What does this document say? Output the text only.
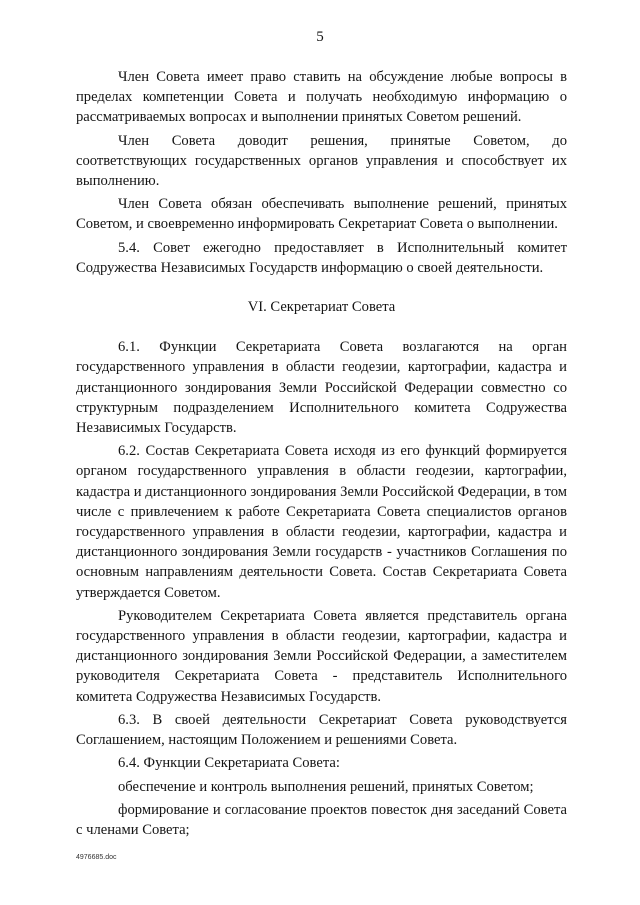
5

Член Совета имеет право ставить на обсуждение любые вопросы в пределах компетенции Совета и получать необходимую информацию о рассматриваемых вопросах и выполнении принятых Советом решений.

Член Совета доводит решения, принятые Советом, до соответствующих государственных органов управления и способствует их выполнению.

Член Совета обязан обеспечивать выполнение решений, принятых Советом, и своевременно информировать Секретариат Совета о выполнении.

5.4. Совет ежегодно предоставляет в Исполнительный комитет Содружества Независимых Государств информацию о своей деятельности.

VI. Секретариат Совета

6.1. Функции Секретариата Совета возлагаются на орган государственного управления в области геодезии, картографии, кадастра и дистанционного зондирования Земли Российской Федерации совместно со структурным подразделением Исполнительного комитета Содружества Независимых Государств.

6.2. Состав Секретариата Совета исходя из его функций формируется органом государственного управления в области геодезии, картографии, кадастра и дистанционного зондирования Земли Российской Федерации, в том числе с привлечением к работе Секретариата Совета специалистов органов государственного управления в области геодезии, картографии, кадастра и дистанционного зондирования Земли государств - участников Соглашения по основным направлениям деятельности Совета. Состав Секретариата Совета утверждается Советом.

Руководителем Секретариата Совета является представитель органа государственного управления в области геодезии, картографии, кадастра и дистанционного зондирования Земли Российской Федерации, а заместителем руководителя Секретариата Совета - представитель Исполнительного комитета Содружества Независимых Государств.

6.3. В своей деятельности Секретариат Совета руководствуется Соглашением, настоящим Положением и решениями Совета.

6.4. Функции Секретариата Совета:

обеспечение и контроль выполнения решений, принятых Советом;

формирование и согласование проектов повесток дня заседаний Совета с членами Совета;

4976685.doc
